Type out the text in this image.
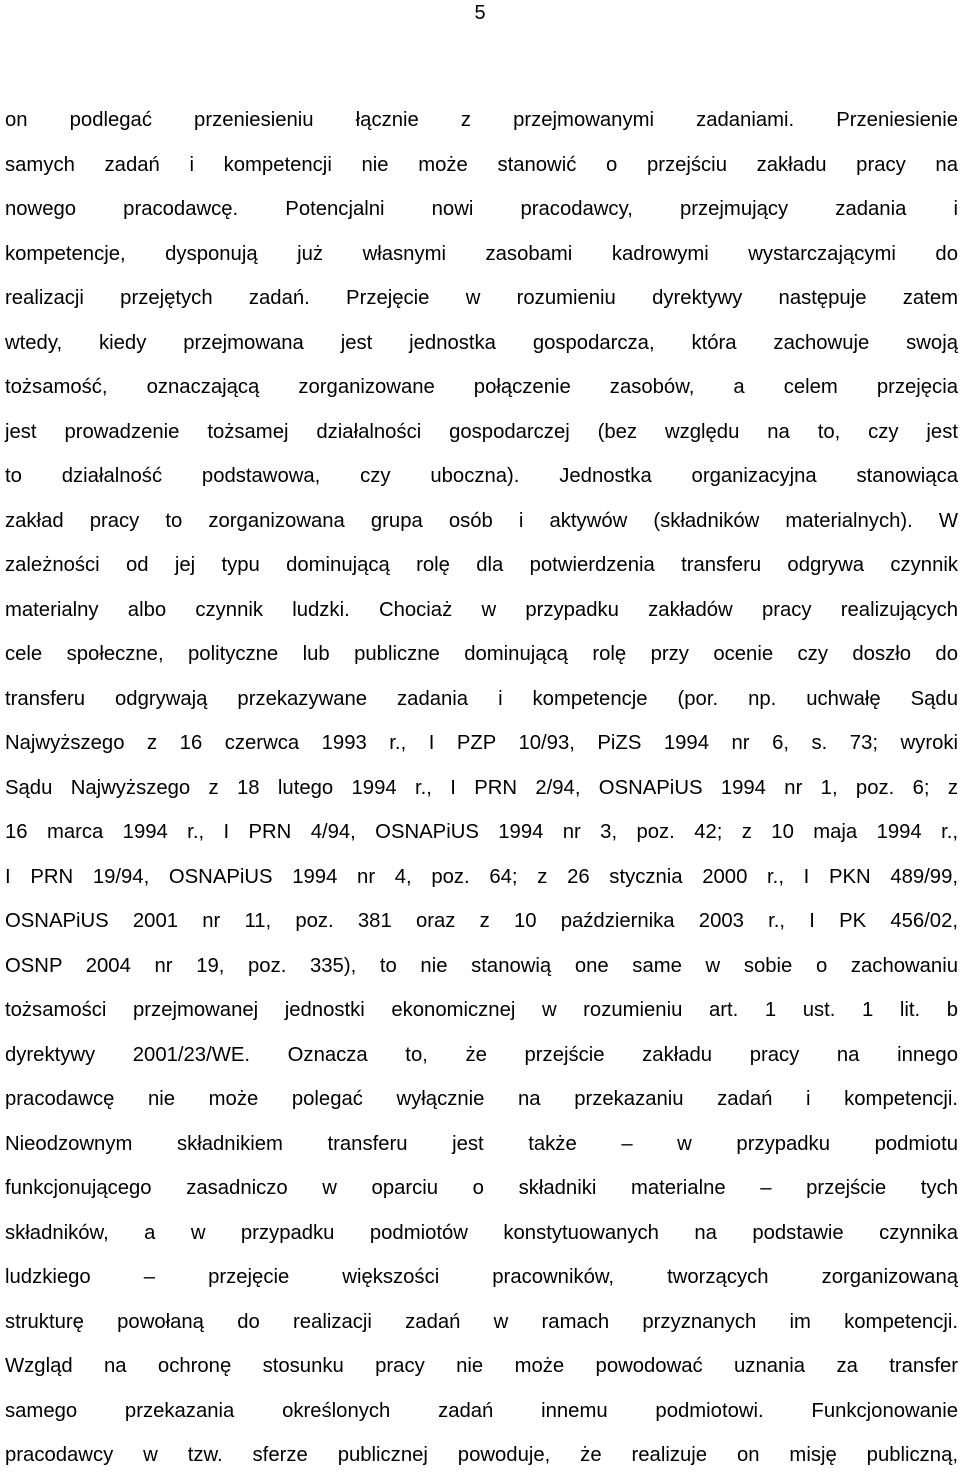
5
on podlegać przeniesieniu łącznie z przejmowanymi zadaniami. Przeniesienie
samych zadań i kompetencji nie może stanowić o przejściu zakładu pracy na
nowego pracodawcę. Potencjalni nowi pracodawcy, przejmujący zadania i
kompetencje, dysponują już własnymi zasobami kadrowymi wystarczającymi do
realizacji przejętych zadań. Przejęcie w rozumieniu dyrektywy następuje zatem
wtedy, kiedy przejmowana jest jednostka gospodarcza, która zachowuje swoją
tożsamość, oznaczającą zorganizowane połączenie zasobów, a celem przejęcia
jest prowadzenie tożsamej działalności gospodarczej (bez względu na to, czy jest
to działalność podstawowa, czy uboczna). Jednostka organizacyjna stanowiąca
zakład pracy to zorganizowana grupa osób i aktywów (składników materialnych). W
zależności od jej typu dominującą rolę dla potwierdzenia transferu odgrywa czynnik
materialny albo czynnik ludzki. Chociaż w przypadku zakładów pracy realizujących
cele społeczne, polityczne lub publiczne dominującą rolę przy ocenie czy doszło do
transferu odgrywają przekazywane zadania i kompetencje (por. np. uchwałę Sądu
Najwyższego z 16 czerwca 1993 r., I PZP 10/93, PiZS 1994 nr 6, s. 73; wyroki
Sądu Najwyższego z 18 lutego 1994 r., I PRN 2/94, OSNAPiUS 1994 nr 1, poz. 6; z
16 marca 1994 r., I PRN 4/94, OSNAPiUS 1994 nr 3, poz. 42; z 10 maja 1994 r.,
I PRN 19/94, OSNAPiUS 1994 nr 4, poz. 64; z 26 stycznia 2000 r., I PKN 489/99,
OSNAPiUS 2001 nr 11, poz. 381 oraz z 10 października 2003 r., I PK 456/02,
OSNP 2004 nr 19, poz. 335), to nie stanowią one same w sobie o zachowaniu
tożsamości przejmowanej jednostki ekonomicznej w rozumieniu art. 1 ust. 1 lit. b
dyrektywy 2001/23/WE. Oznacza to, że przejście zakładu pracy na innego
pracodawcę nie może polegać wyłącznie na przekazaniu zadań i kompetencji.
Nieodzownym składnikiem transferu jest także – w przypadku podmiotu
funkcjonującego zasadniczo w oparciu o składniki materialne – przejście tych
składników, a w przypadku podmiotów konstytuowanych na podstawie czynnika
ludzkiego – przejęcie większości pracowników, tworzących zorganizowaną
strukturę powołaną do realizacji zadań w ramach przyznanych im kompetencji.
Wzgląd na ochronę stosunku pracy nie może powodować uznania za transfer
samego przekazania określonych zadań innemu podmiotowi. Funkcjonowanie
pracodawcy w tzw. sferze publicznej powoduje, że realizuje on misję publiczną,
